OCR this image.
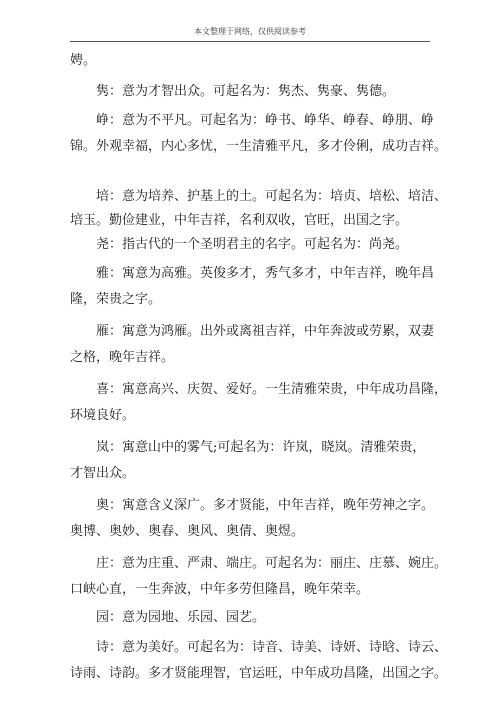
本文整理于网络，仅供阅读参考
娉。
隽：意为才智出众。可起名为：隽杰、隽豪、隽德。
峥：意为不平凡。可起名为：峥书、峥华、峥春、峥朋、峥
锦。外观幸福，内心多忧，一生清雅平凡，多才伶俐，成功吉祥。
培：意为培养、护基上的土。可起名为：培贞、培松、培洁、
培玉。勤俭建业，中年吉祥，名利双收，官旺，出国之字。
尧：指古代的一个圣明君主的名字。可起名为：尚尧。
雅：寓意为高雅。英俊多才，秀气多才，中年吉祥，晚年昌
隆，荣贵之字。
雁：寓意为鸿雁。出外或离祖吉祥，中年奔波或劳累，双妻
之格，晚年吉祥。
喜：寓意高兴、庆贺、爱好。一生清雅荣贵，中年成功昌隆，
环境良好。
岚：寓意山中的雾气;可起名为：许岚，晓岚。清雅荣贵，
才智出众。
奥：寓意含义深广。多才贤能，中年吉祥，晚年劳神之字。
奥博、奥妙、奥春、奥风、奥倩、奥煜。
庄：意为庄重、严肃、端庄。可起名为：丽庄、庄慕、婉庄。
口峡心直，一生奔波，中年多劳但隆昌，晚年荣幸。
园：意为园地、乐园、园艺。
诗：意为美好。可起名为：诗音、诗美、诗妍、诗晗、诗云、
诗雨、诗韵。多才贤能理智，官运旺，中年成功昌隆，出国之字。
